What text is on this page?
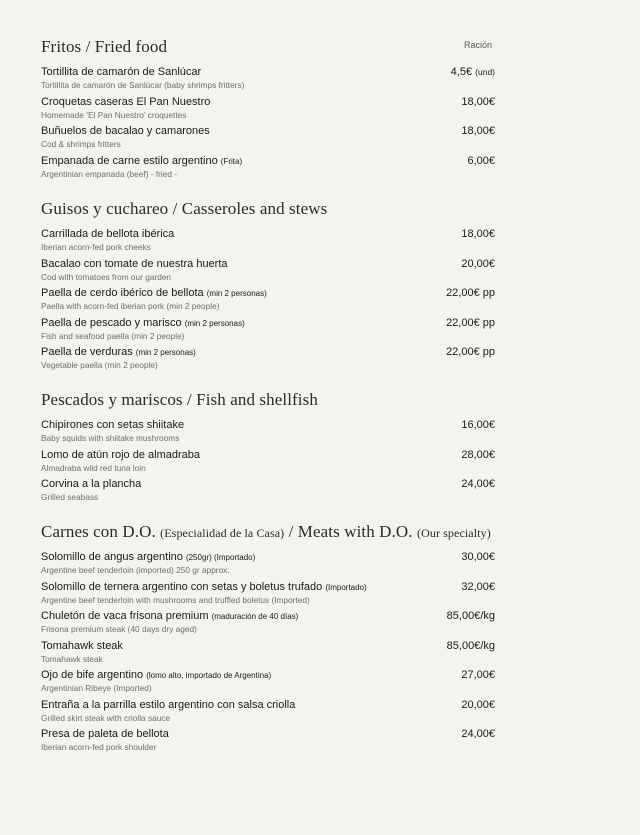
Fritos / Fried food	Ración
Tortillita de camarón de Sanlúcar
Tortillita de camarón de Sanlúcar (baby shrimps fritters)
4,5€ (und)
Croquetas caseras El Pan Nuestro
Homemade ‘El Pan Nuestro’ croquettes
18,00€
Buñuelos de bacalao y camarones
Cod & shrimps fritters
18,00€
Empanada de carne estilo argentino (Frita)
Argentinian empanada (beef) - fried -
6,00€
Guisos y cuchareo / Casseroles and stews
Carrillada de bellota ibérica
Iberian acorn-fed pork cheeks
18,00€
Bacalao con tomate de nuestra huerta
Cod with tomatoes from our garden
20,00€
Paella de cerdo ibérico de bellota (min 2 personas)
Paella with acorn-fed iberian pork (min 2 people)
22,00€ pp
Paella de pescado y marisco (min 2 personas)
Fish and seafood paella (min 2 people)
22,00€ pp
Paella de verduras (min 2 personas)
Vegetable paella (min 2 people)
22,00€ pp
Pescados y mariscos / Fish and shellfish
Chipirones con setas shiitake
Baby squids with shiitake mushrooms
16,00€
Lomo de atún rojo de almadraba
Almadraba wild red tuna loin
28,00€
Corvina a la plancha
Grilled seabass
24,00€
Carnes con D.O. (Especialidad de la Casa) / Meats with D.O. (Our specialty)
Solomillo de angus argentino (250gr) (Importado)
Argentine beef tenderloin (imported) 250 gr approx.
30,00€
Solomillo de ternera argentino con setas y boletus trufado (Importado)
Argentine beef tenderloin with mushrooms and truffled boletus (Imported)
32,00€
Chuletón de vaca frisona premium (maduración de 40 días)
Frisona premium steak (40 days dry aged)
85,00€/kg
Tomahawk steak
Tomahawk steak
85,00€/kg
Ojo de bife argentino (lomo alto, importado de Argentina)
Argentinian Ribeye (Imported)
27,00€
Entraña a la parrilla estilo argentino con salsa criolla
Grilled skirt steak with criolla sauce
20,00€
Presa de paleta de bellota
Iberian acorn-fed pork shoulder
24,00€
